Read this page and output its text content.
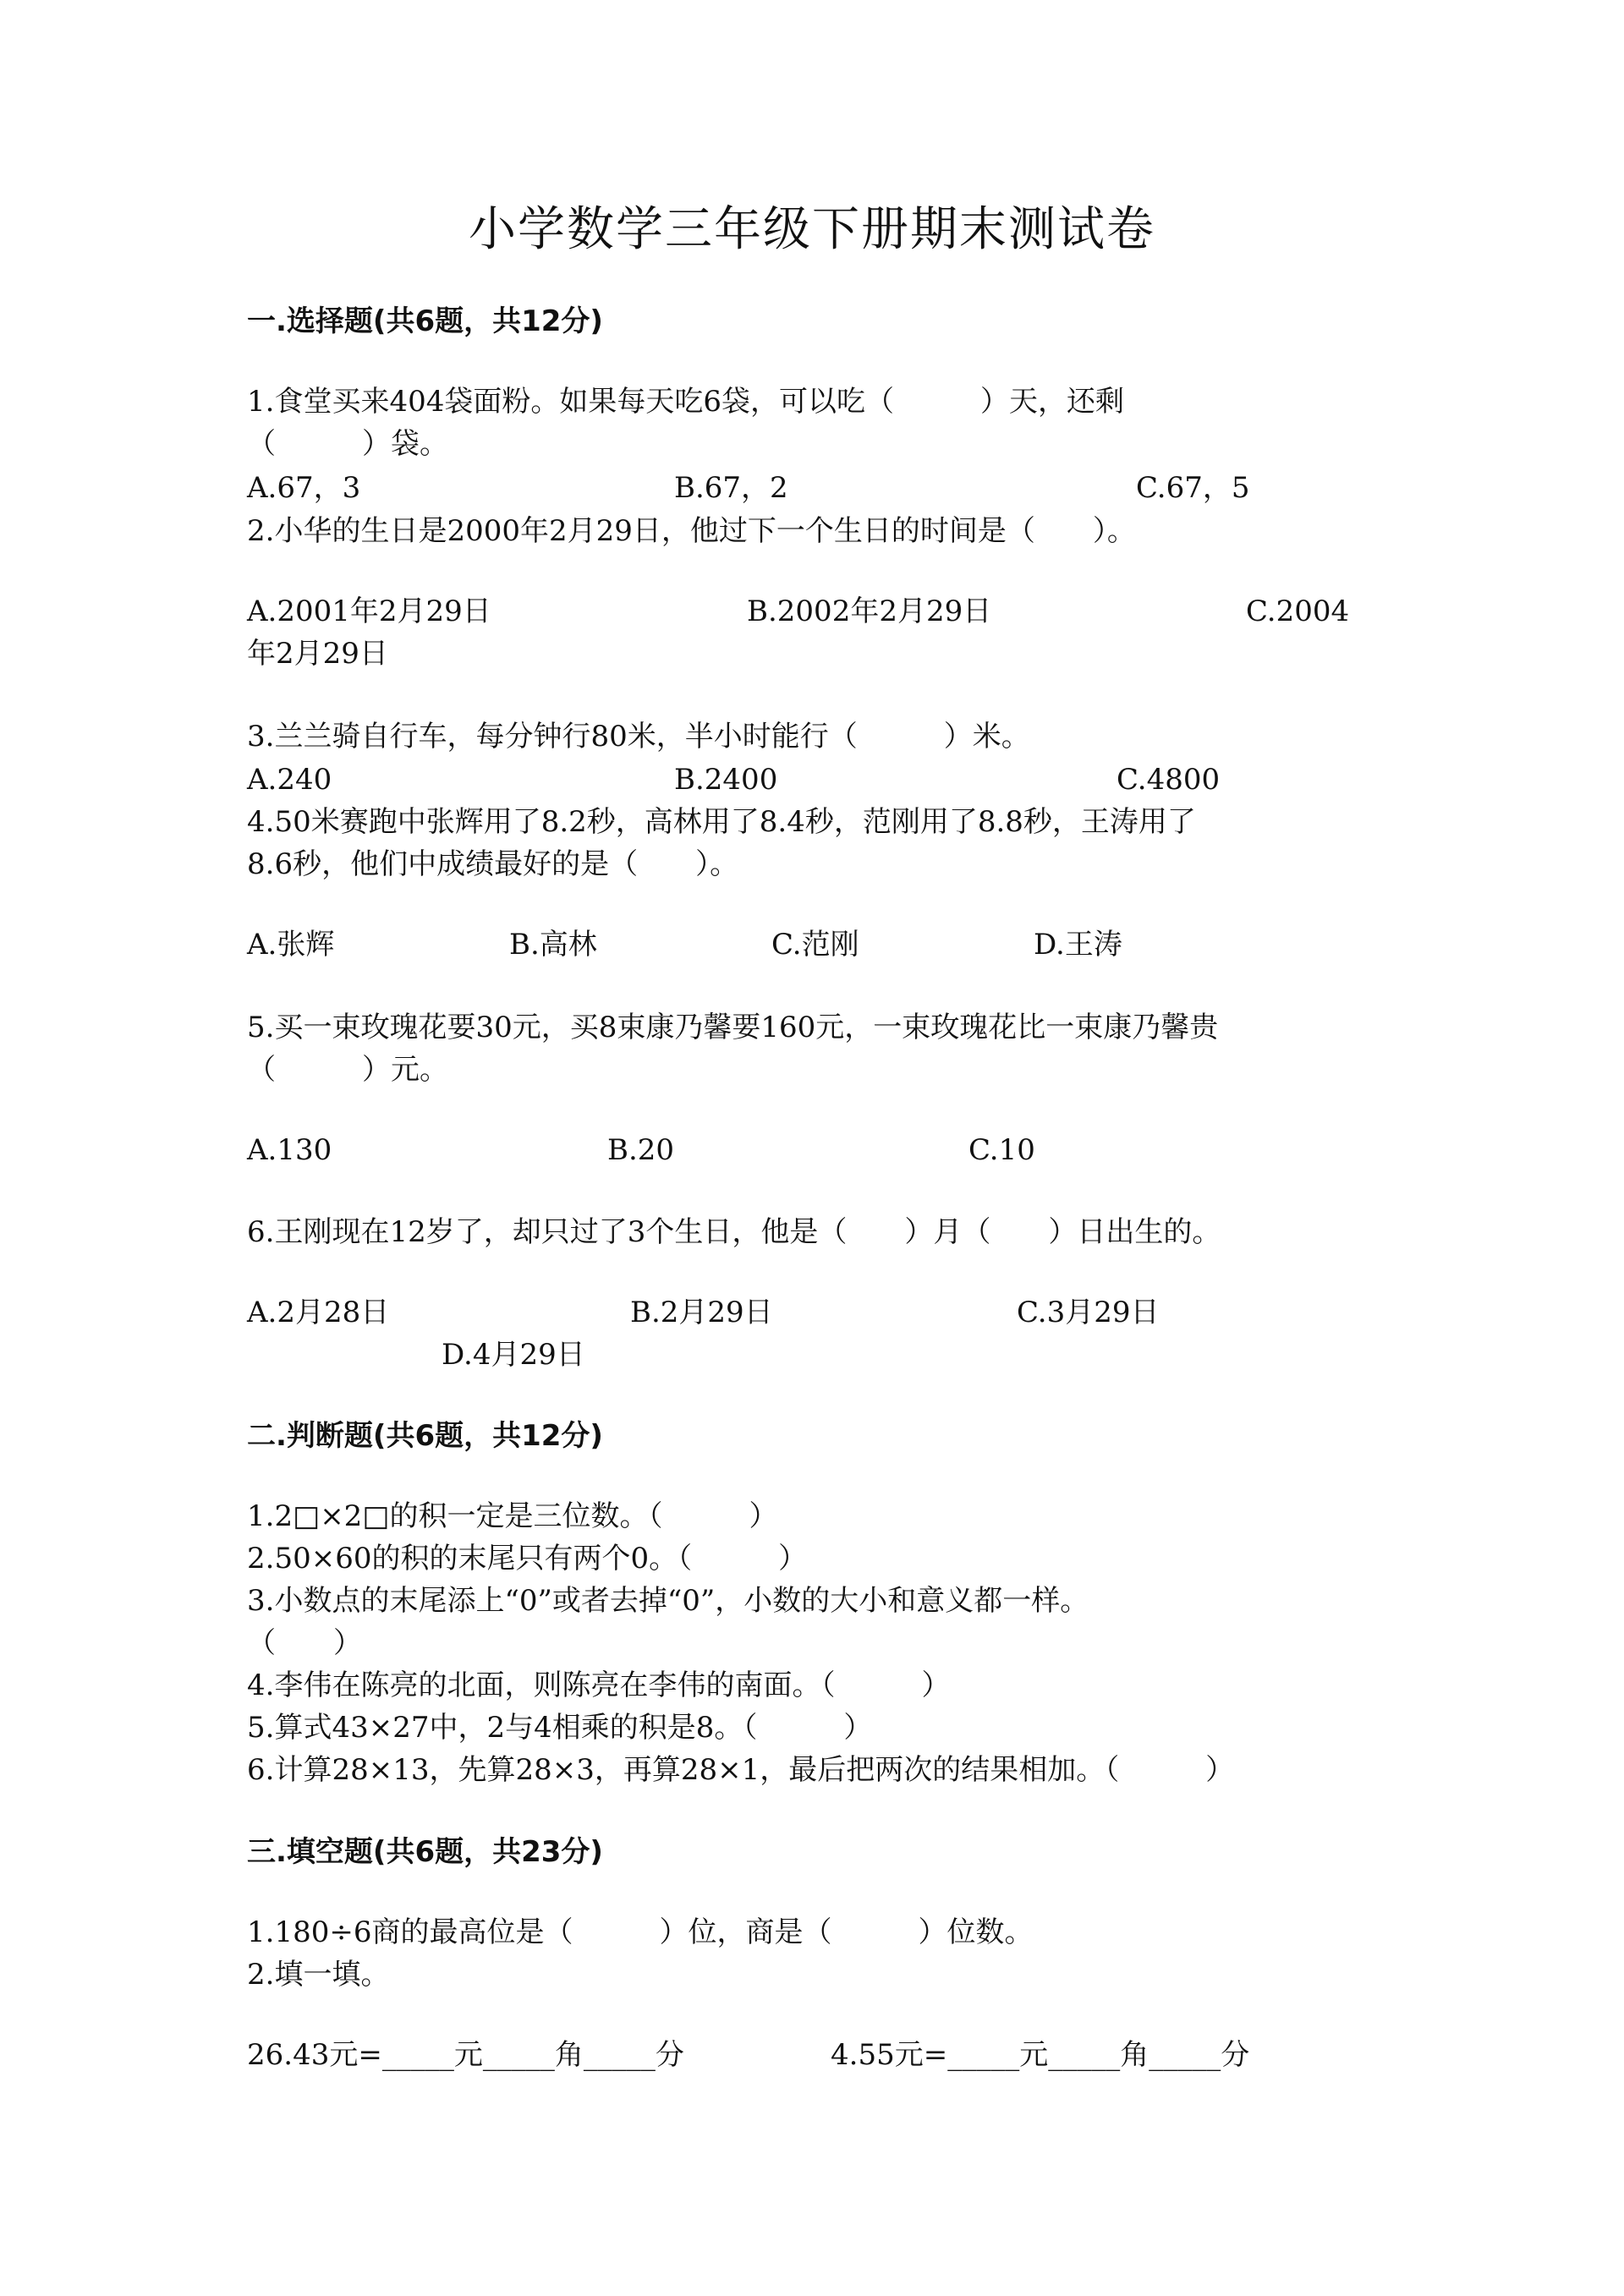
小学数学三年级下册期末测试卷
一.选择题(共6题，共12分)
1.食堂买来404袋面粉。如果每天吃6袋，可以吃（　　　）天，还剩
（　　　）袋。
A.67，3	B.67，2	C.67，5
2.小华的生日是2000年2月29日，他过下一个生日的时间是（　　）。
A.2001年2月29日	B.2002年2月29日	C.2004
年2月29日
3.兰兰骑自行车，每分钟行80米，半小时能行（　　　）米。
A.240	B.2400	C.4800
4.50米赛跑中张辉用了8.2秒，高林用了8.4秒，范刚用了8.8秒，王涛用了
8.6秒，他们中成绩最好的是（　　）。
A.张辉	B.高林	C.范刚	D.王涛
5.买一束玫瑰花要30元，买8束康乃馨要160元，一束玫瑰花比一束康乃馨贵
（　　　）元。
A.130	B.20	C.10
6.王刚现在12岁了，却只过了3个生日，他是（　　）月（　　）日出生的。
A.2月28日	B.2月29日	C.3月29日
D.4月29日
二.判断题(共6题，共12分)
1.2□×2□的积一定是三位数。（　　　）
2.50×60的积的末尾只有两个0。（　　　）
3.小数点的末尾添上“0”或者去掉“0”，小数的大小和意义都一样。
（　　）
4.李伟在陈亮的北面，则陈亮在李伟的南面。（　　　）
5.算式43×27中，2与4相乘的积是8。（　　　）
6.计算28×13，先算28×3，再算28×1，最后把两次的结果相加。（　　　）
三.填空题(共6题，共23分)
1.180÷6商的最高位是（　　　）位，商是（　　　）位数。
2.填一填。
26.43元=_____元_____角_____分	4.55元=_____元_____角_____分
